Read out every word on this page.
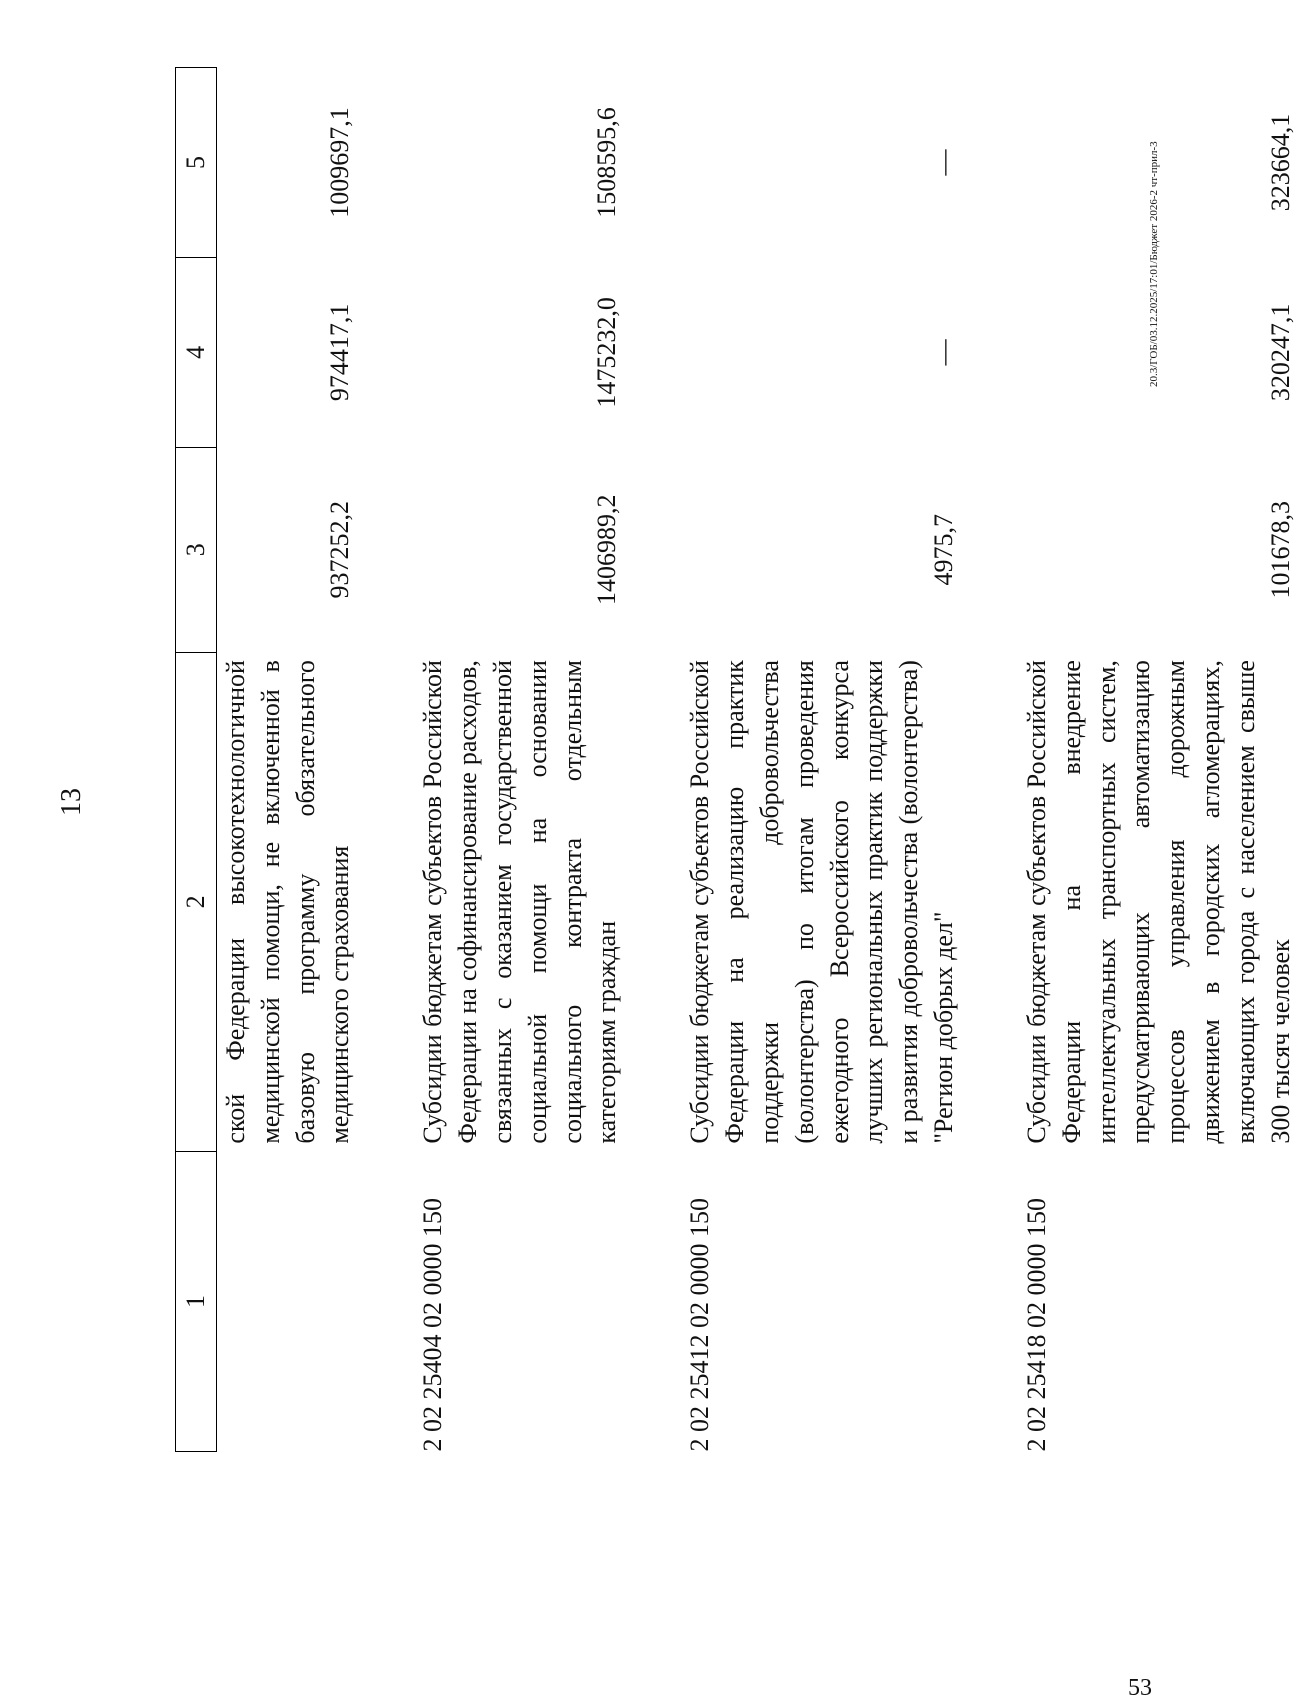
13
1	2	3	4	5
	ской Федерации высокотехнологичной медицинской помощи, не включенной в базовую программу обязательного медицинского страхования	937252,2	974417,1	1009697,1
2 02 25404 02 0000 150	Субсидии бюджетам субъектов Российской Федерации на софинансирование расходов, связанных с оказанием государственной социальной помощи на основании социального контракта отдельным категориям граждан	1406989,2	1475232,0	1508595,6
2 02 25412 02 0000 150	Субсидии бюджетам субъектов Российской Федерации на реализацию практик поддержки добровольчества (волонтерства) по итогам проведения ежегодного Всероссийского конкурса лучших региональных практик поддержки и развития добровольчества (волонтерства) "Регион добрых дел"	4975,7	—	—
2 02 25418 02 0000 150	Субсидии бюджетам субъектов Российской Федерации на внедрение интеллектуальных транспортных систем, предусматривающих автоматизацию процессов управления дорожным движением в городских агломерациях, включающих города с населением свыше 300 тысяч человек	101678,3	320247,1	323664,1
20.3/ГОБ/03.12.2025/17:01/Бюджет 2026-2 чт-прил-3
53
